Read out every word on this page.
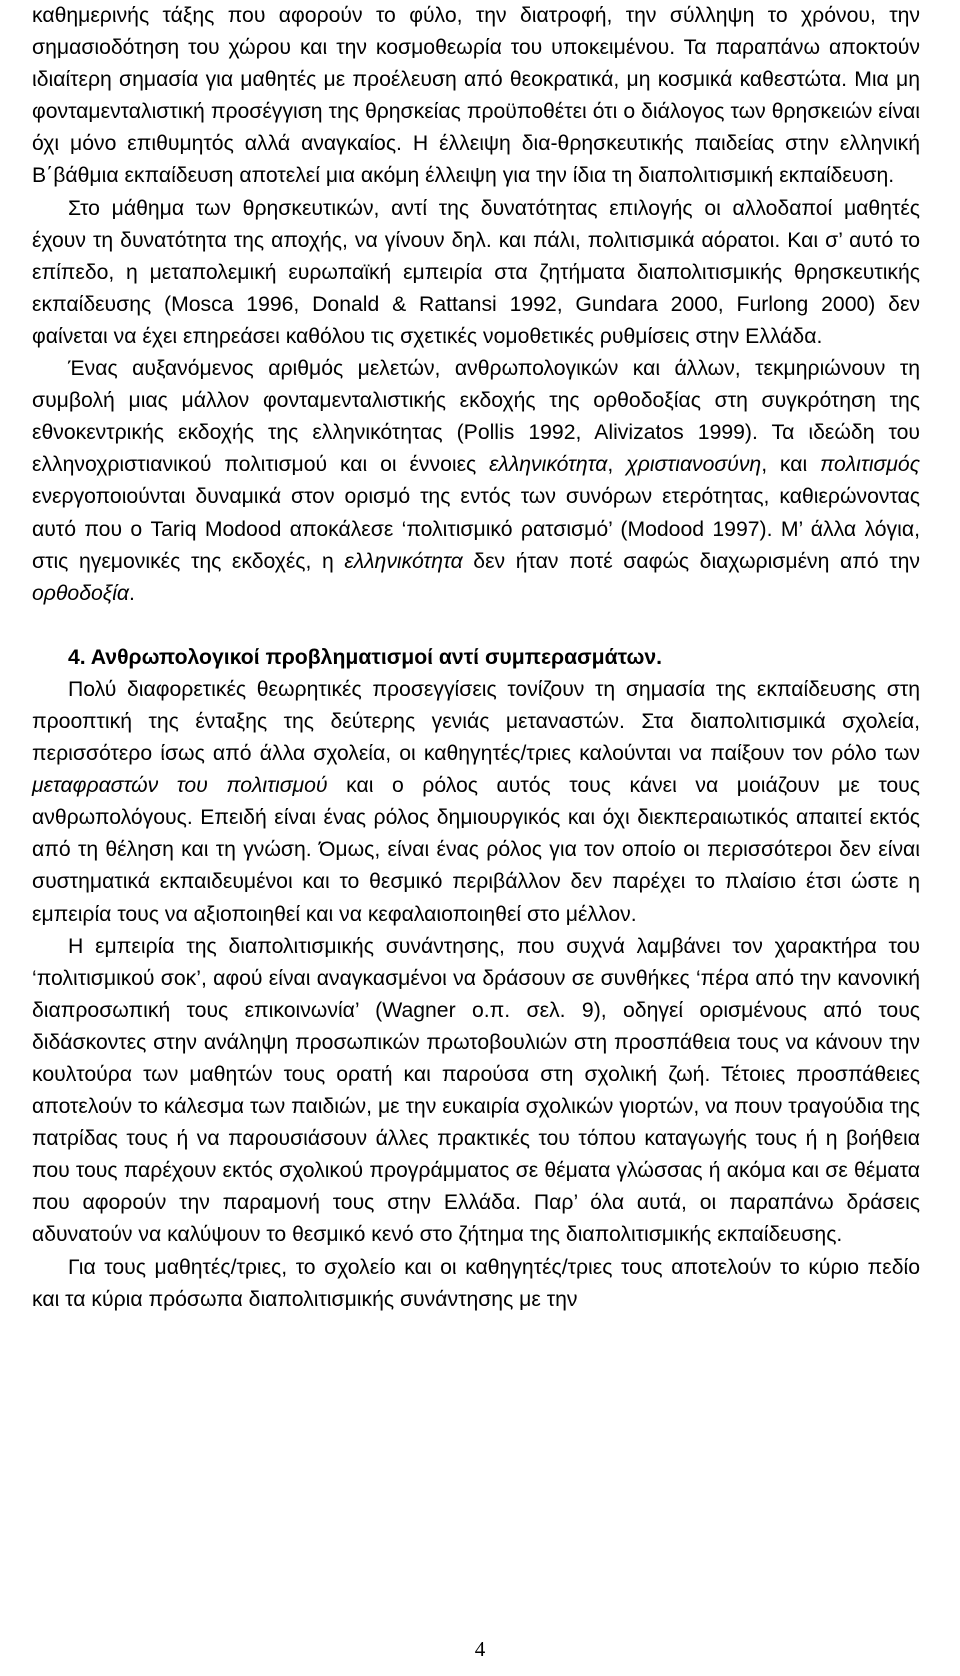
καθημερινής τάξης που αφορούν το φύλο, την διατροφή, την σύλληψη το χρόνου, την σημασιοδότηση του χώρου και την κοσμοθεωρία του υποκειμένου. Τα παραπάνω αποκτούν ιδιαίτερη σημασία για μαθητές με προέλευση από θεοκρατικά, μη κοσμικά καθεστώτα. Μια μη φονταμενταλιστική προσέγγιση της θρησκείας προϋποθέτει ότι ο διάλογος των θρησκειών είναι όχι μόνο επιθυμητός αλλά αναγκαίος. Η έλλειψη δια-θρησκευτικής παιδείας στην ελληνική Β΄βάθμια εκπαίδευση αποτελεί μια ακόμη έλλειψη για την ίδια τη διαπολιτισμική εκπαίδευση.

Στο μάθημα των θρησκευτικών, αντί της δυνατότητας επιλογής οι αλλοδαποί μαθητές έχουν τη δυνατότητα της αποχής, να γίνουν δηλ. και πάλι, πολιτισμικά αόρατοι. Και σ’ αυτό το επίπεδο, η μεταπολεμική ευρωπαϊκή εμπειρία στα ζητήματα διαπολιτισμικής θρησκευτικής εκπαίδευσης (Mosca 1996, Donald & Rattansi 1992, Gundara 2000, Furlong 2000) δεν φαίνεται να έχει επηρεάσει καθόλου τις σχετικές νομοθετικές ρυθμίσεις στην Ελλάδα.

Ένας αυξανόμενος αριθμός μελετών, ανθρωπολογικών και άλλων, τεκμηριώνουν τη συμβολή μιας μάλλον φονταμενταλιστικής εκδοχής της ορθοδοξίας στη συγκρότηση της εθνοκεντρικής εκδοχής της ελληνικότητας (Pollis 1992, Alivizatos 1999). Τα ιδεώδη του ελληνοχριστιανικού πολιτισμού και οι έννοιες ελληνικότητα, χριστιανοσύνη, και πολιτισμός ενεργοποιούνται δυναμικά στον ορισμό της εντός των συνόρων ετερότητας, καθιερώνοντας αυτό που ο Tariq Modood αποκάλεσε ‘πολιτισμικό ρατσισμό’ (Modood 1997). Μ’ άλλα λόγια, στις ηγεμονικές της εκδοχές, η ελληνικότητα δεν ήταν ποτέ σαφώς διαχωρισμένη από την ορθοδοξία.

4. Ανθρωπολογικοί προβληματισμοί αντί συμπερασμάτων.

Πολύ διαφορετικές θεωρητικές προσεγγίσεις τονίζουν τη σημασία της εκπαίδευσης στη προοπτική της ένταξης της δεύτερης γενιάς μεταναστών. Στα διαπολιτισμικά σχολεία, περισσότερο ίσως από άλλα σχολεία, οι καθηγητές/τριες καλούνται να παίξουν τον ρόλο των μεταφραστών του πολιτισμού και ο ρόλος αυτός τους κάνει να μοιάζουν με τους ανθρωπολόγους. Επειδή είναι ένας ρόλος δημιουργικός και όχι διεκπεραιωτικός απαιτεί εκτός από τη θέληση και τη γνώση. Όμως, είναι ένας ρόλος για τον οποίο οι περισσότεροι δεν είναι συστηματικά εκπαιδευμένοι και το θεσμικό περιβάλλον δεν παρέχει το πλαίσιο έτσι ώστε η εμπειρία τους να αξιοποιηθεί και να κεφαλαιοποιηθεί στο μέλλον.

Η εμπειρία της διαπολιτισμικής συνάντησης, που συχνά λαμβάνει τον χαρακτήρα του ‘πολιτισμικού σοκ’, αφού είναι αναγκασμένοι να δράσουν σε συνθήκες ‘πέρα από την κανονική διαπροσωπική τους επικοινωνία’ (Wagner ο.π. σελ. 9), οδηγεί ορισμένους από τους διδάσκοντες στην ανάληψη προσωπικών πρωτοβουλιών στη προσπάθεια τους να κάνουν την κουλτούρα των μαθητών τους ορατή και παρούσα στη σχολική ζωή. Τέτοιες προσπάθειες αποτελούν το κάλεσμα των παιδιών, με την ευκαιρία σχολικών γιορτών, να πουν τραγούδια της πατρίδας τους ή να παρουσιάσουν άλλες πρακτικές του τόπου καταγωγής τους ή η βοήθεια που τους παρέχουν εκτός σχολικού προγράμματος σε θέματα γλώσσας ή ακόμα και σε θέματα που αφορούν την παραμονή τους στην Ελλάδα. Παρ’ όλα αυτά, οι παραπάνω δράσεις αδυνατούν να καλύψουν το θεσμικό κενό στο ζήτημα της διαπολιτισμικής εκπαίδευσης.

Για τους μαθητές/τριες, το σχολείο και οι καθηγητές/τριες τους αποτελούν το κύριο πεδίο και τα κύρια πρόσωπα διαπολιτισμικής συνάντησης με την

4
